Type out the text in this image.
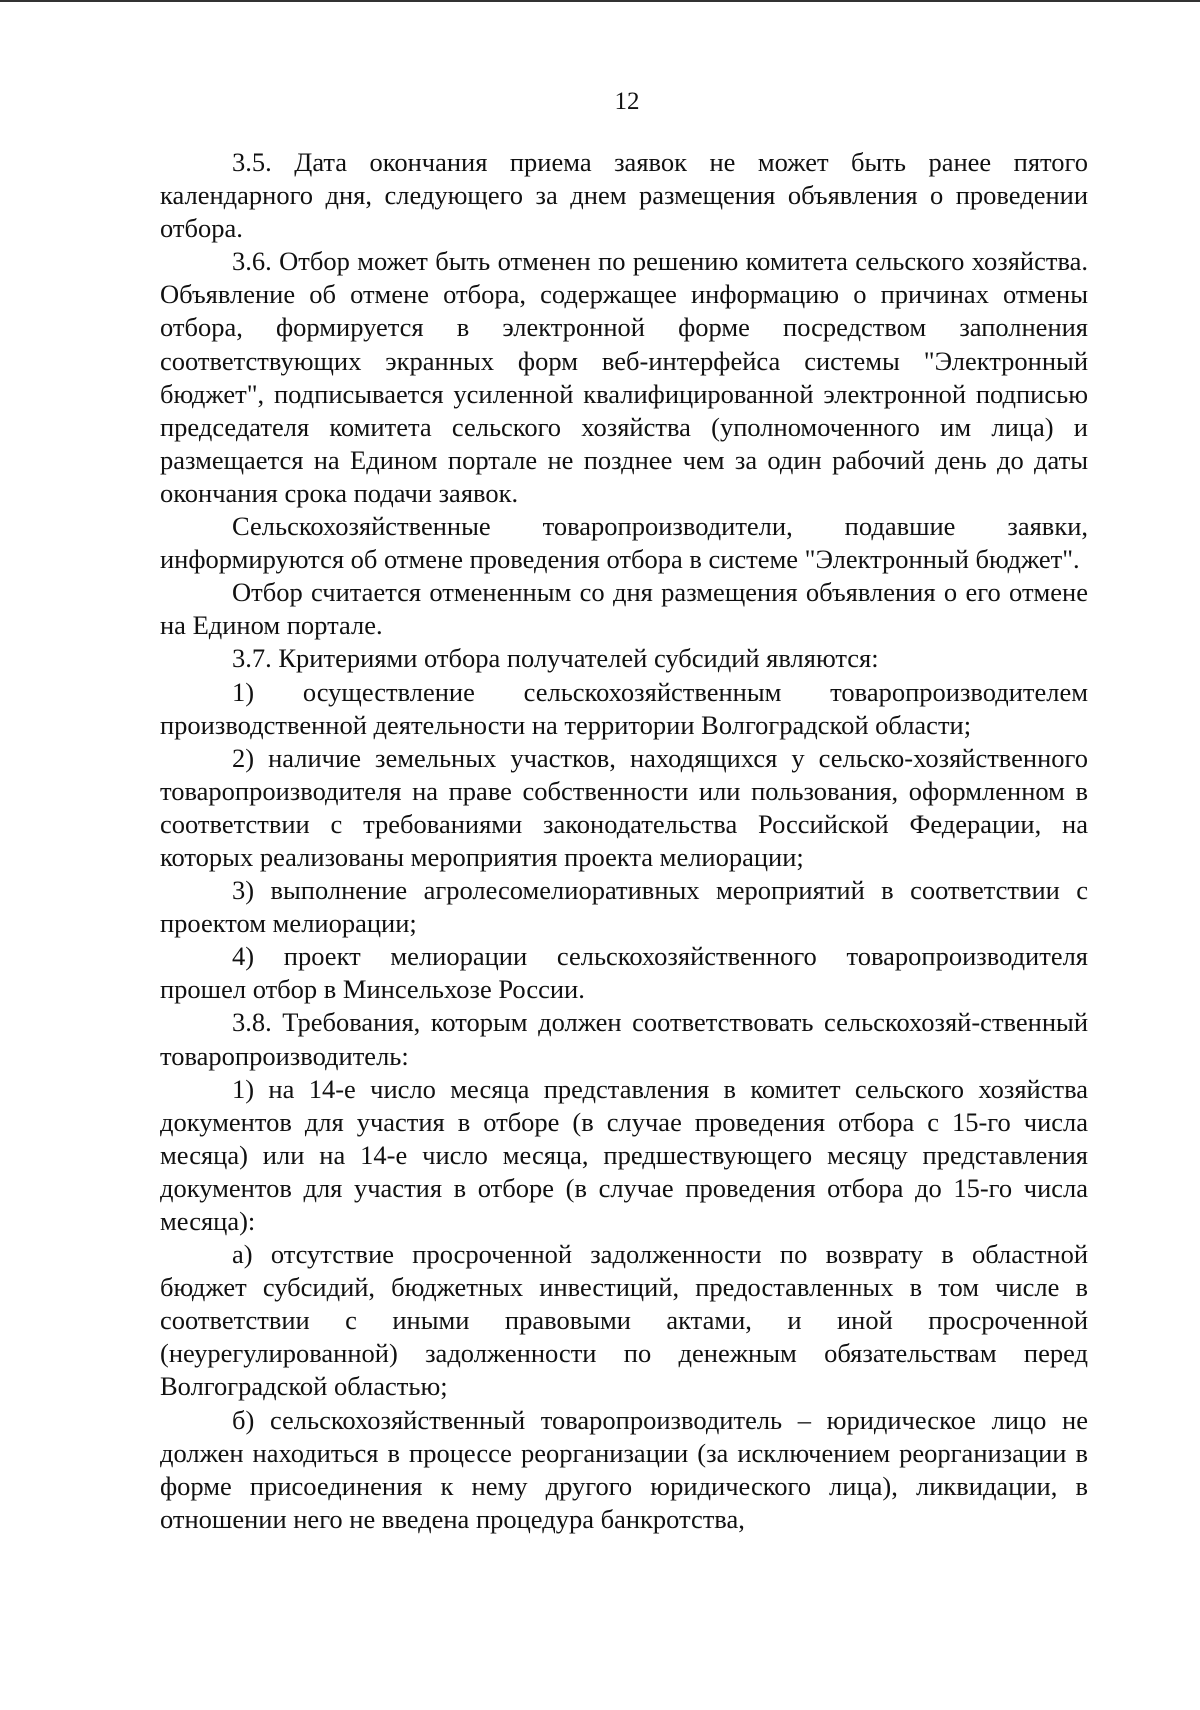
12

3.5. Дата окончания приема заявок не может быть ранее пятого календарного дня, следующего за днем размещения объявления о проведении отбора.

3.6. Отбор может быть отменен по решению комитета сельского хозяйства. Объявление об отмене отбора, содержащее информацию о причинах отмены отбора, формируется в электронной форме посредством заполнения соответствующих экранных форм веб-интерфейса системы "Электронный бюджет", подписывается усиленной квалифицированной электронной подписью председателя комитета сельского хозяйства (уполномоченного им лица) и размещается на Едином портале не позднее чем за один рабочий день до даты окончания срока подачи заявок.

Сельскохозяйственные товаропроизводители, подавшие заявки, информируются об отмене проведения отбора в системе "Электронный бюджет".

Отбор считается отмененным со дня размещения объявления о его отмене на Едином портале.

3.7. Критериями отбора получателей субсидий являются:

1) осуществление сельскохозяйственным товаропроизводителем производственной деятельности на территории Волгоградской области;

2) наличие земельных участков, находящихся у сельско-хозяйственного товаропроизводителя на праве собственности или пользования, оформленном в соответствии с требованиями законодательства Российской Федерации, на которых реализованы мероприятия проекта мелиорации;

3) выполнение агролесомелиоративных мероприятий в соответствии с проектом мелиорации;

4) проект мелиорации сельскохозяйственного товаропроизводителя прошел отбор в Минсельхозе России.

3.8. Требования, которым должен соответствовать сельскохозяй-ственный товаропроизводитель:

1) на 14-е число месяца представления в комитет сельского хозяйства документов для участия в отборе (в случае проведения отбора с 15-го числа месяца) или на 14-е число месяца, предшествующего месяцу представления документов для участия в отборе (в случае проведения отбора до 15-го числа месяца):

а) отсутствие просроченной задолженности по возврату в областной бюджет субсидий, бюджетных инвестиций, предоставленных в том числе в соответствии с иными правовыми актами, и иной просроченной (неурегулированной) задолженности по денежным обязательствам перед Волгоградской областью;

б) сельскохозяйственный товаропроизводитель – юридическое лицо не должен находиться в процессе реорганизации (за исключением реорганизации в форме присоединения к нему другого юридического лица), ликвидации, в отношении него не введена процедура банкротства,
